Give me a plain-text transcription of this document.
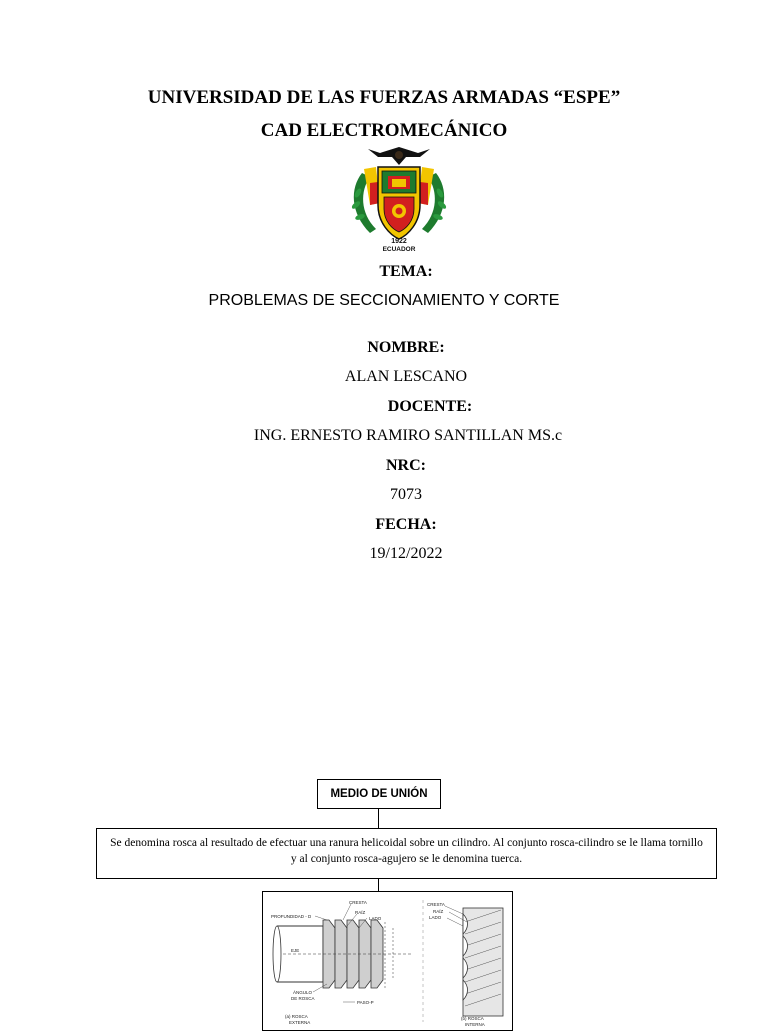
UNIVERSIDAD DE LAS FUERZAS ARMADAS “ESPE”
CAD ELECTROMECÁNICO
1922
ECUADOR
TEMA:
PROBLEMAS DE SECCIONAMIENTO Y CORTE
NOMBRE:
ALAN LESCANO
DOCENTE:
ING. ERNESTO RAMIRO SANTILLAN MS.c
NRC:
7073
FECHA:
19/12/2022
MEDIO DE UNIÓN
Se denomina rosca al resultado de efectuar una ranura helicoidal sobre un cilindro. Al conjunto rosca-cilindro se le llama tornillo y al conjunto rosca-agujero se le denomina tuerca.
PROFUNDIDAD - D
CRESTA
RAÍZ
LADO
EJE
ÁNGULO
DE ROSCA
PASO-P
(a) ROSCA
EXTERNA
CRESTA
RAÍZ
LADO
(b) ROSCA
INTERNA
